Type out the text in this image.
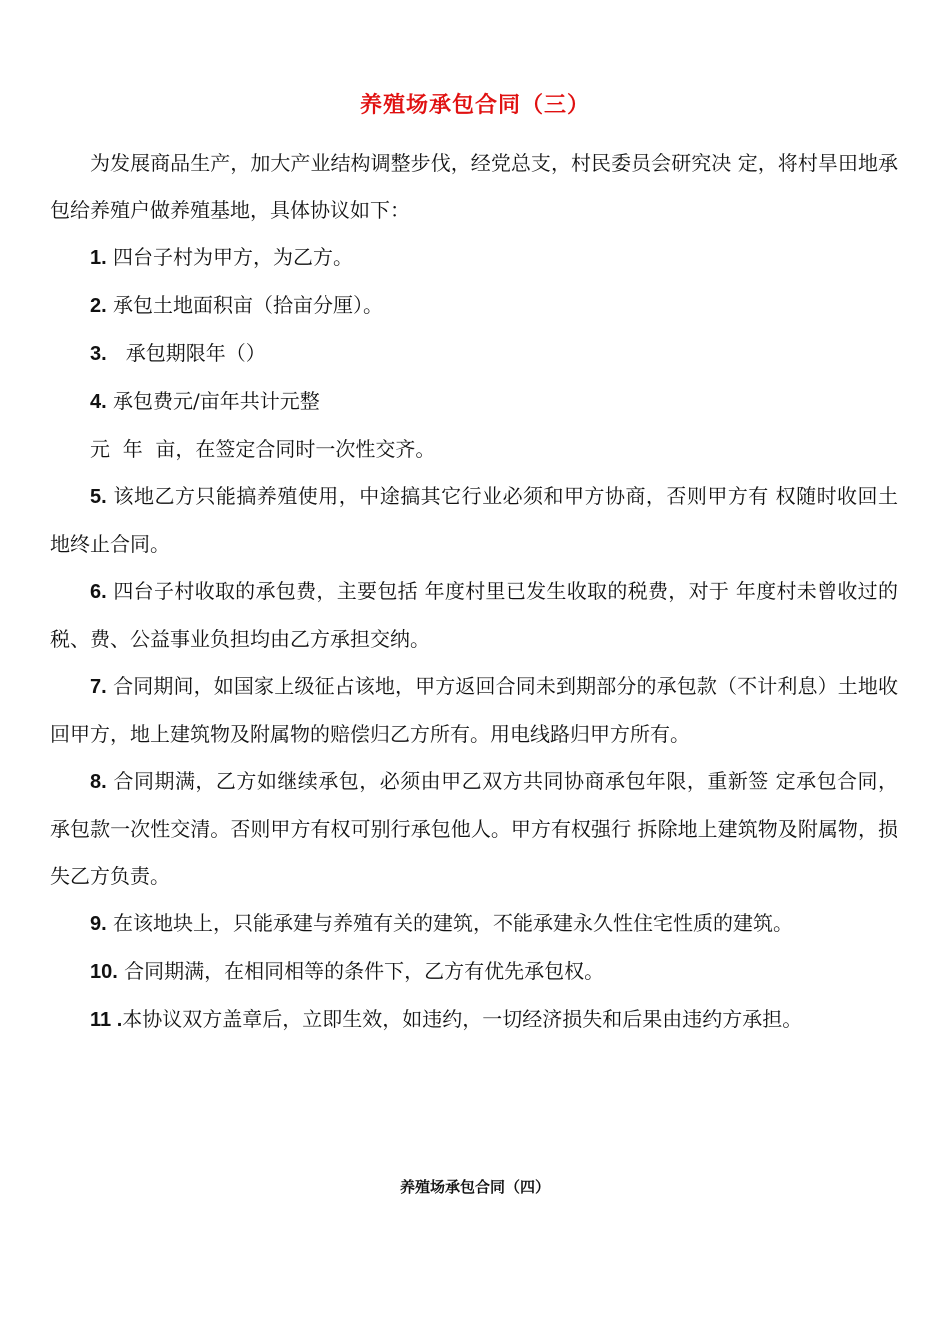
养殖场承包合同（三）

为发展商品生产，加大产业结构调整步伐，经党总支，村民委员会研究决 定，将村旱田地承包给养殖户做养殖基地，具体协议如下：

1. 四台子村为甲方，为乙方。

2. 承包土地面积亩（拾亩分厘）。

3.   承包期限年（）

4. 承包费元/亩年共计元整

元  年  亩，在签定合同时一次性交齐。

5. 该地乙方只能搞养殖使用，中途搞其它行业必须和甲方协商，否则甲方有 权随时收回土地终止合同。

6. 四台子村收取的承包费，主要包括 年度村里已发生收取的税费，对于 年度村未曾收过的税、费、公益事业负担均由乙方承担交纳。

7. 合同期间，如国家上级征占该地，甲方返回合同未到期部分的承包款（不计利息）土地收回甲方，地上建筑物及附属物的赔偿归乙方所有。用电线路归甲方所有。

8. 合同期满，乙方如继续承包，必须由甲乙双方共同协商承包年限，重新签 定承包合同，承包款一次性交清。否则甲方有权可别行承包他人。甲方有权强行 拆除地上建筑物及附属物，损失乙方负责。

9. 在该地块上，只能承建与养殖有关的建筑，不能承建永久性住宅性质的建筑。

10. 合同期满，在相同相等的条件下，乙方有优先承包权。

11 .本协议双方盖章后，立即生效，如违约，一切经济损失和后果由违约方承担。

养殖场承包合同（四）
